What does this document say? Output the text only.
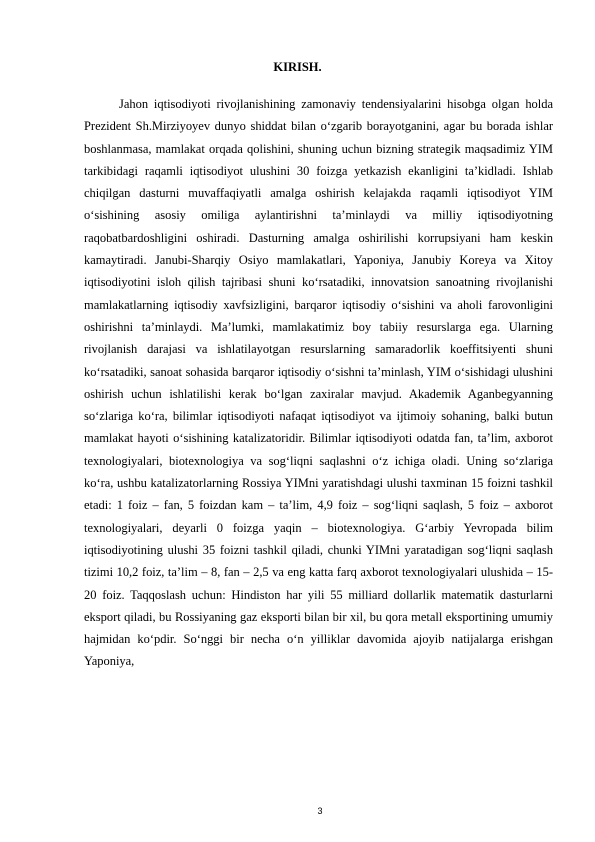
KIRISH.

Jahon iqtisodiyoti rivojlanishining zamonaviy tendensiyalarini hisobga olgan holda Prezident Sh.Mirziyoyev dunyo shiddat bilan o‘zgarib borayotganini, agar bu borada ishlar boshlanmasa, mamlakat orqada qolishini, shuning uchun bizning strategik maqsadimiz YIM tarkibidagi raqamli iqtisodiyot ulushini 30 foizga yetkazish ekanligini ta’kidladi. Ishlab chiqilgan dasturni muvaffaqiyatli amalga oshirish kelajakda raqamli iqtisodiyot YIM o‘sishining asosiy omiliga aylantirishni ta’minlaydi va milliy iqtisodiyotning raqobatbardoshligini oshiradi. Dasturning amalga oshirilishi korrupsiyani ham keskin kamaytiradi. Janubi-Sharqiy Osiyo mamlakatlari, Yaponiya, Janubiy Koreya va Xitoy iqtisodiyotini isloh qilish tajribasi shuni ko‘rsatadiki, innovatsion sanoatning rivojlanishi mamlakatlarning iqtisodiy xavfsizligini, barqaror iqtisodiy o‘sishini va aholi farovonligini oshirishni ta’minlaydi. Ma’lumki, mamlakatimiz boy tabiiy resurslarga ega. Ularning rivojlanish darajasi va ishlatilayotgan resurslarning samaradorlik koeffitsiyenti shuni ko‘rsatadiki, sanoat sohasida barqaror iqtisodiy o‘sishni ta’minlash, YIM o‘sishidagi ulushini oshirish uchun ishlatilishi kerak bo‘lgan zaxiralar mavjud. Akademik Aganbegyanning so‘zlariga ko‘ra, bilimlar iqtisodiyoti nafaqat iqtisodiyot va ijtimoiy sohaning, balki butun mamlakat hayoti o‘sishining katalizatoridir. Bilimlar iqtisodiyoti odatda fan, ta’lim, axborot texnologiyalari, biotexnologiya va sog‘liqni saqlashni o‘z ichiga oladi. Uning so‘zlariga ko‘ra, ushbu katalizatorlarning Rossiya YIMni yaratishdagi ulushi taxminan 15 foizni tashkil etadi: 1 foiz – fan, 5 foizdan kam – ta’lim, 4,9 foiz – sog‘liqni saqlash, 5 foiz – axborot texnologiyalari, deyarli 0 foizga yaqin – biotexnologiya. G‘arbiy Yevropada bilim iqtisodiyotining ulushi 35 foizni tashkil qiladi, chunki YIMni yaratadigan sog‘liqni saqlash tizimi 10,2 foiz, ta’lim – 8, fan – 2,5 va eng katta farq axborot texnologiyalari ulushida – 15-20 foiz. Taqqoslash uchun: Hindiston har yili 55 milliard dollarlik matematik dasturlarni eksport qiladi, bu Rossiyaning gaz eksporti bilan bir xil, bu qora metall eksportining umumiy hajmidan ko‘pdir. So‘nggi bir necha o‘n yilliklar davomida ajoyib natijalarga erishgan Yaponiya,

3
